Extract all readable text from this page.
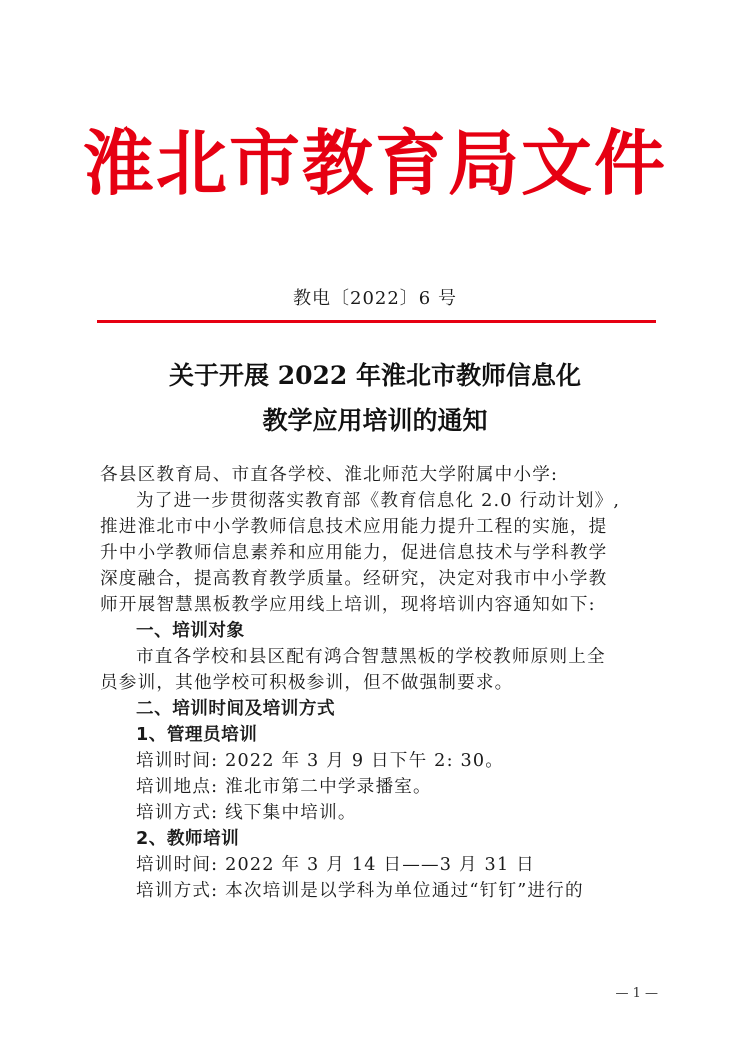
淮北市教育局文件
教电〔2022〕6 号
关于开展 2022 年淮北市教师信息化
教学应用培训的通知
各县区教育局、市直各学校、淮北师范大学附属中小学:
为了进一步贯彻落实教育部《教育信息化 2.0 行动计划》,
推进淮北市中小学教师信息技术应用能力提升工程的实施，提
升中小学教师信息素养和应用能力，促进信息技术与学科教学
深度融合，提高教育教学质量。经研究，决定对我市中小学教
师开展智慧黑板教学应用线上培训，现将培训内容通知如下:
一、培训对象
市直各学校和县区配有鸿合智慧黑板的学校教师原则上全
员参训，其他学校可积极参训，但不做强制要求。
二、培训时间及培训方式
1、管理员培训
培训时间: 2022 年 3 月 9 日下午 2: 30。
培训地点: 淮北市第二中学录播室。
培训方式: 线下集中培训。
2、教师培训
培训时间: 2022 年 3 月 14 日——3 月 31 日
培训方式: 本次培训是以学科为单位通过“钉钉”进行的
— 1 —
